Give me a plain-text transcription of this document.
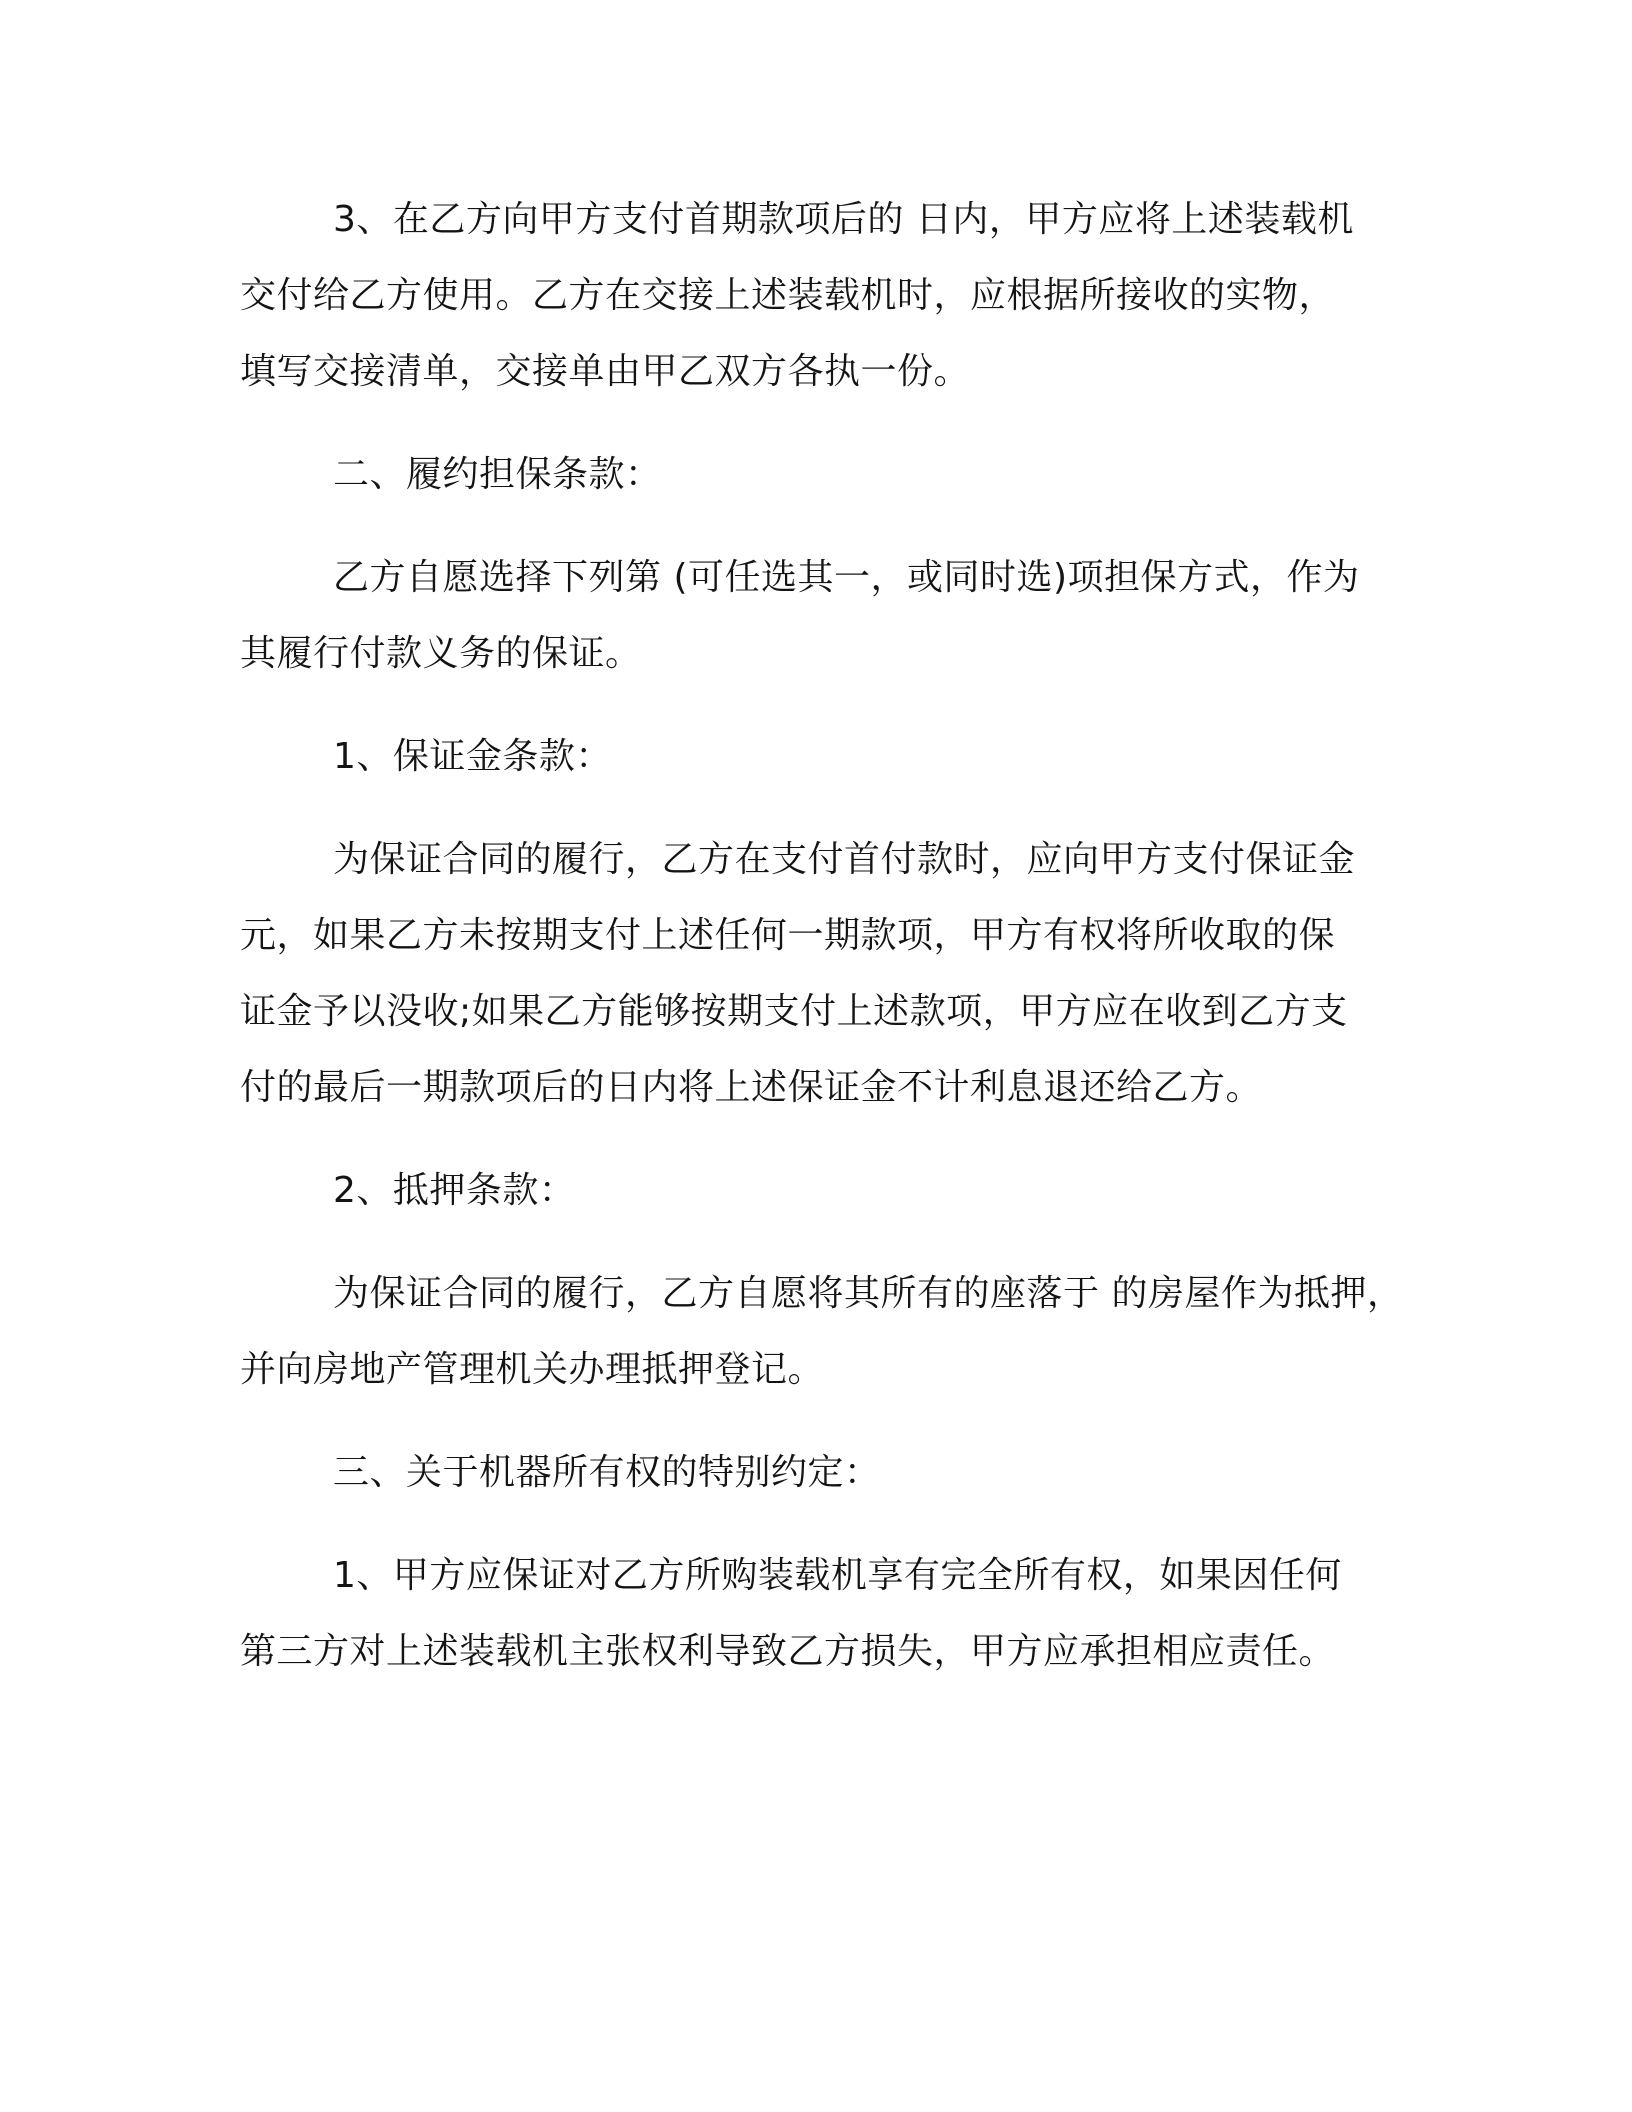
3、在乙方向甲方支付首期款项后的 日内，甲方应将上述装载机

交付给乙方使用。乙方在交接上述装载机时，应根据所接收的实物，

填写交接清单，交接单由甲乙双方各执一份。

二、履约担保条款：

乙方自愿选择下列第 (可任选其一，或同时选)项担保方式，作为

其履行付款义务的保证。

1、保证金条款：

为保证合同的履行，乙方在支付首付款时，应向甲方支付保证金

元，如果乙方未按期支付上述任何一期款项，甲方有权将所收取的保

证金予以没收;如果乙方能够按期支付上述款项，甲方应在收到乙方支

付的最后一期款项后的日内将上述保证金不计利息退还给乙方。

2、抵押条款：

为保证合同的履行，乙方自愿将其所有的座落于 的房屋作为抵押，

并向房地产管理机关办理抵押登记。

三、关于机器所有权的特别约定：

1、甲方应保证对乙方所购装载机享有完全所有权，如果因任何

第三方对上述装载机主张权利导致乙方损失，甲方应承担相应责任。
